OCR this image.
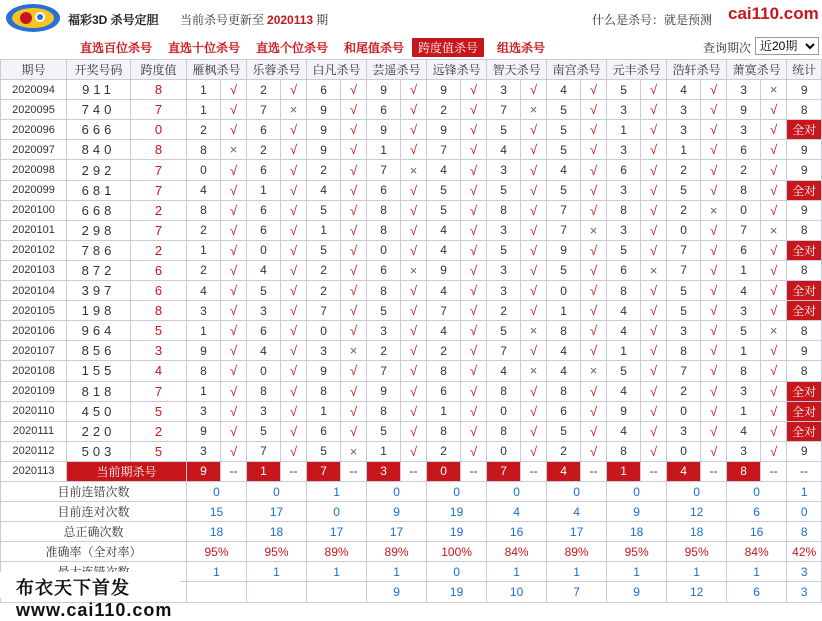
福彩3D 杀号定胆 当前杀号更新至 2020113 期	什么是杀号：就是预测 cai110.com
直选百位杀号 直选十位杀号 直选个位杀号 和尾值杀号	跨度值杀号	组选杀号	查询期次
近20期
期号	开奖号码	跨度值	雁枫杀号		乐蓉杀号		白凡杀号		芸遥杀号		远锋杀号		智天杀号		南宫杀号		元丰杀号		浩轩杀号		萧寞杀号		统计
2020094	911	8	1	√	2	√	6	√	9	√	9	√	3	√	4	√	5	√	4	√	3	×	9
2020095	740	7	1	√	7	×	9	√	6	√	2	√	7	×	5	√	3	√	3	√	9	√	8
2020096	666	0	2	√	6	√	9	√	9	√	9	√	5	√	5	√	1	√	3	√	3	√	全对
2020097	840	8	8	×	2	√	9	√	1	√	7	√	4	√	5	√	3	√	1	√	6	√	9
2020098	292	7	0	√	6	√	2	√	7	×	4	√	3	√	4	√	6	√	2	√	2	√	9
2020099	681	7	4	√	1	√	4	√	6	√	5	√	5	√	5	√	3	√	5	√	8	√	全对
2020100	668	2	8	√	6	√	5	√	8	√	5	√	8	√	7	√	8	√	2	×	0	√	9
2020101	298	7	2	√	6	√	1	√	8	√	4	√	3	√	7	×	3	√	0	√	7	×	8
2020102	786	2	1	√	0	√	5	√	0	√	4	√	5	√	9	√	5	√	7	√	6	√	全对
2020103	872	6	2	√	4	√	2	√	6	×	9	√	3	√	5	√	6	×	7	√	1	√	8
2020104	397	6	4	√	5	√	2	√	8	√	4	√	3	√	0	√	8	√	5	√	4	√	全对
2020105	198	8	3	√	3	√	7	√	5	√	7	√	2	√	1	√	4	√	5	√	3	√	全对
2020106	964	5	1	√	6	√	0	√	3	√	4	√	5	×	8	√	4	√	3	√	5	×	8
2020107	856	3	9	√	4	√	3	×	2	√	2	√	7	√	4	√	1	√	8	√	1	√	9
2020108	155	4	8	√	0	√	9	√	7	√	8	√	4	×	4	×	5	√	7	√	8	√	8
2020109	818	7	1	√	8	√	8	√	9	√	6	√	8	√	8	√	4	√	2	√	3	√	全对
2020110	450	5	3	√	3	√	1	√	8	√	1	√	0	√	6	√	9	√	0	√	1	√	全对
2020111	220	2	9	√	5	√	6	√	5	√	8	√	8	√	5	√	4	√	3	√	4	√	全对
2020112	503	5	3	√	7	√	5	×	1	√	2	√	0	√	2	√	8	√	0	√	3	√	9
2020113	当前期杀号		9	--	1	--	7	--	3	--	0	--	7	--	4	--	1	--	4	--	8	--	--
目前连错次数			0		0		1		0		0		0		0		0		0		0		1
目前连对次数			15		17		0		9		19		4		4		9		12		6		0
总正确次数			18		18		17		17		19		16		17		18		18		16		8
准确率（全对率）			95%		95%		89%		89%		100%		84%		89%		95%		95%		84%		42%
	1		1		1		1		0		1		1		1		1		1		3
									9		19		10		7		9		12		6		3
布衣天下首发 www.cai110.com
